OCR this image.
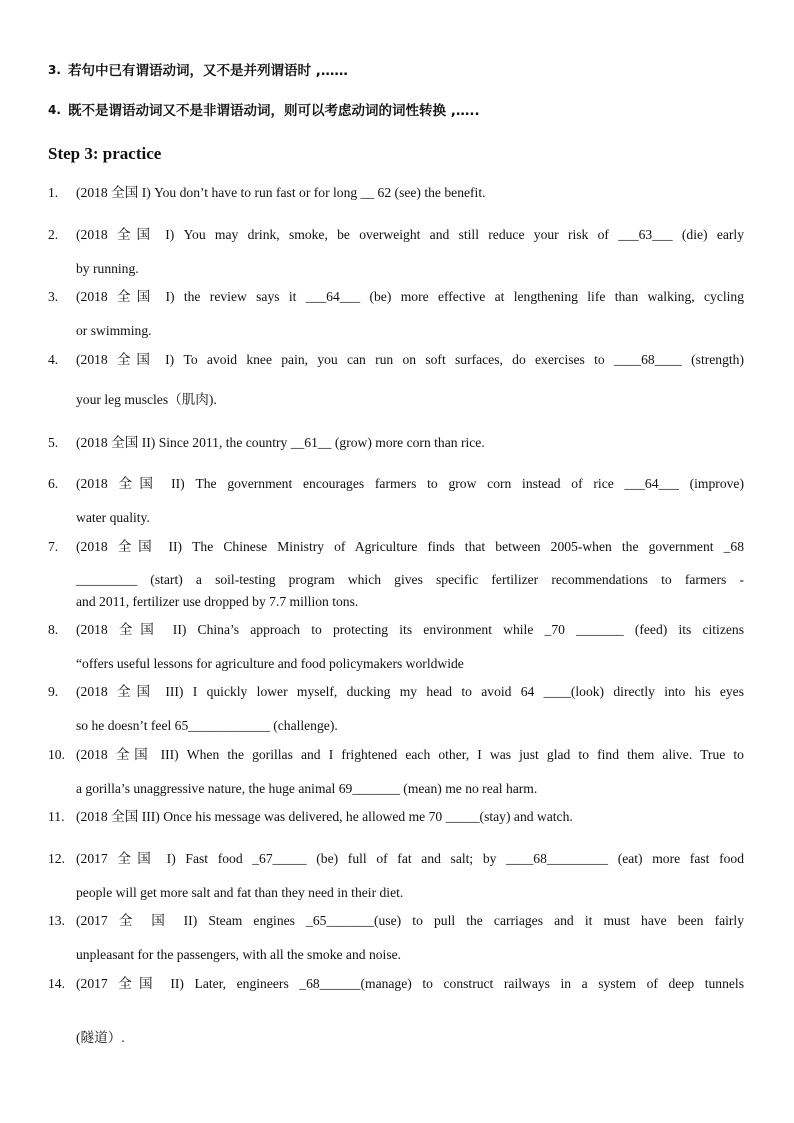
3. 若句中已有谓语动词，又不是并列谓语时 ,……
4. 既不是谓语动词又不是非谓语动词，则可以考虑动词的词性转换 ,…..
Step 3: practice
1. (2018 全国 I) You don’t have to run fast or for long __ 62 (see) the benefit.
2. (2018 全国 I) You may drink, smoke, be overweight and still reduce your risk of ___63___ (die) early
by running.
3. (2018 全国 I) the review says it ___64___ (be) more effective at lengthening life than walking, cycling
or swimming.
4. (2018 全国 I) To avoid knee pain, you can run on soft surfaces, do exercises to ____68____ (strength)
your leg muscles（肌肉).
5. (2018 全国 II) Since 2011, the country __61__ (grow) more corn than rice.
6. (2018 全国 II) The government encourages farmers to grow corn instead of rice ___64___ (improve)
water quality.
7. (2018 全国 II) The Chinese Ministry of Agriculture finds that between 2005-when the government _68
_________ (start) a soil-testing program which gives specific fertilizer recommendations to farmers -
and 2011, fertilizer use dropped by 7.7 million tons.
8. (2018 全国 II) China’s approach to protecting its environment while _70 _______ (feed) its citizens
“offers useful lessons for agriculture and food policymakers worldwide
9. (2018 全国 III) I quickly lower myself, ducking my head to avoid 64 ____(look) directly into his eyes
so he doesn’t feel 65____________ (challenge).
10. (2018 全国 III) When the gorillas and I frightened each other, I was just glad to find them alive. True to
a gorilla’s unaggressive nature, the huge animal 69_______ (mean) me no real harm.
11. (2018 全国 III) Once his message was delivered, he allowed me 70 _____(stay) and watch.
12. (2017 全国 I) Fast food _67_____ (be) full of fat and salt; by ____68_________ (eat) more fast food
people will get more salt and fat than they need in their diet.
13. (2017 全 国 II) Steam engines _65_______(use) to pull the carriages and it must have been fairly
unpleasant for the passengers, with all the smoke and noise.
14. (2017 全国 II) Later, engineers _68______(manage) to construct railways in a system of deep tunnels
(隧道）.
